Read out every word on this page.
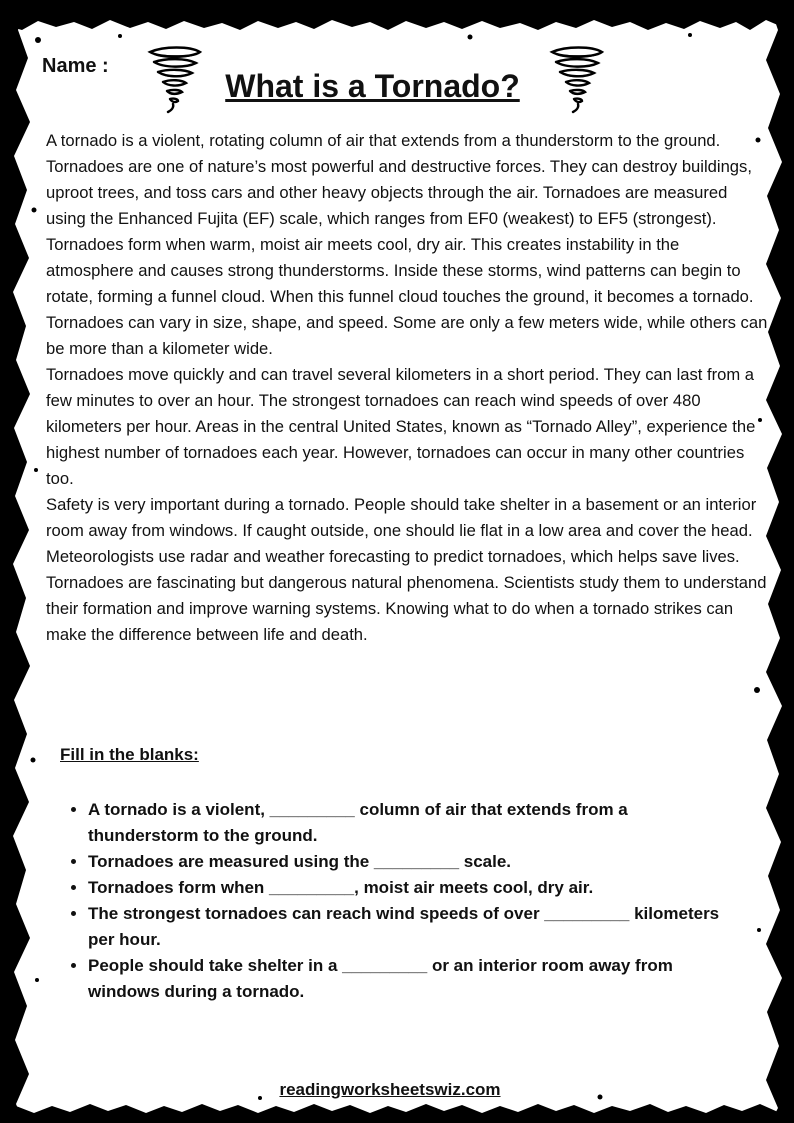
Name :
What is a Tornado?

A tornado is a violent, rotating column of air that extends from a thunderstorm to the ground. Tornadoes are one of nature’s most powerful and destructive forces. They can destroy buildings, uproot trees, and toss cars and other heavy objects through the air. Tornadoes are measured using the Enhanced Fujita (EF) scale, which ranges from EF0 (weakest) to EF5 (strongest).

Tornadoes form when warm, moist air meets cool, dry air. This creates instability in the atmosphere and causes strong thunderstorms. Inside these storms, wind patterns can begin to rotate, forming a funnel cloud. When this funnel cloud touches the ground, it becomes a tornado. Tornadoes can vary in size, shape, and speed. Some are only a few meters wide, while others can be more than a kilometer wide.

Tornadoes move quickly and can travel several kilometers in a short period. They can last from a few minutes to over an hour. The strongest tornadoes can reach wind speeds of over 480 kilometers per hour. Areas in the central United States, known as “Tornado Alley”, experience the highest number of tornadoes each year. However, tornadoes can occur in many other countries too.

Safety is very important during a tornado. People should take shelter in a basement or an interior room away from windows. If caught outside, one should lie flat in a low area and cover the head. Meteorologists use radar and weather forecasting to predict tornadoes, which helps save lives.

Tornadoes are fascinating but dangerous natural phenomena. Scientists study them to understand their formation and improve warning systems. Knowing what to do when a tornado strikes can make the difference between life and death.

Fill in the blanks:
• A tornado is a violent, _________ column of air that extends from a thunderstorm to the ground.
• Tornadoes are measured using the _________ scale.
• Tornadoes form when _________, moist air meets cool, dry air.
• The strongest tornadoes can reach wind speeds of over _________ kilometers per hour.
• People should take shelter in a _________ or an interior room away from windows during a tornado.
readingworksheetswiz.com
